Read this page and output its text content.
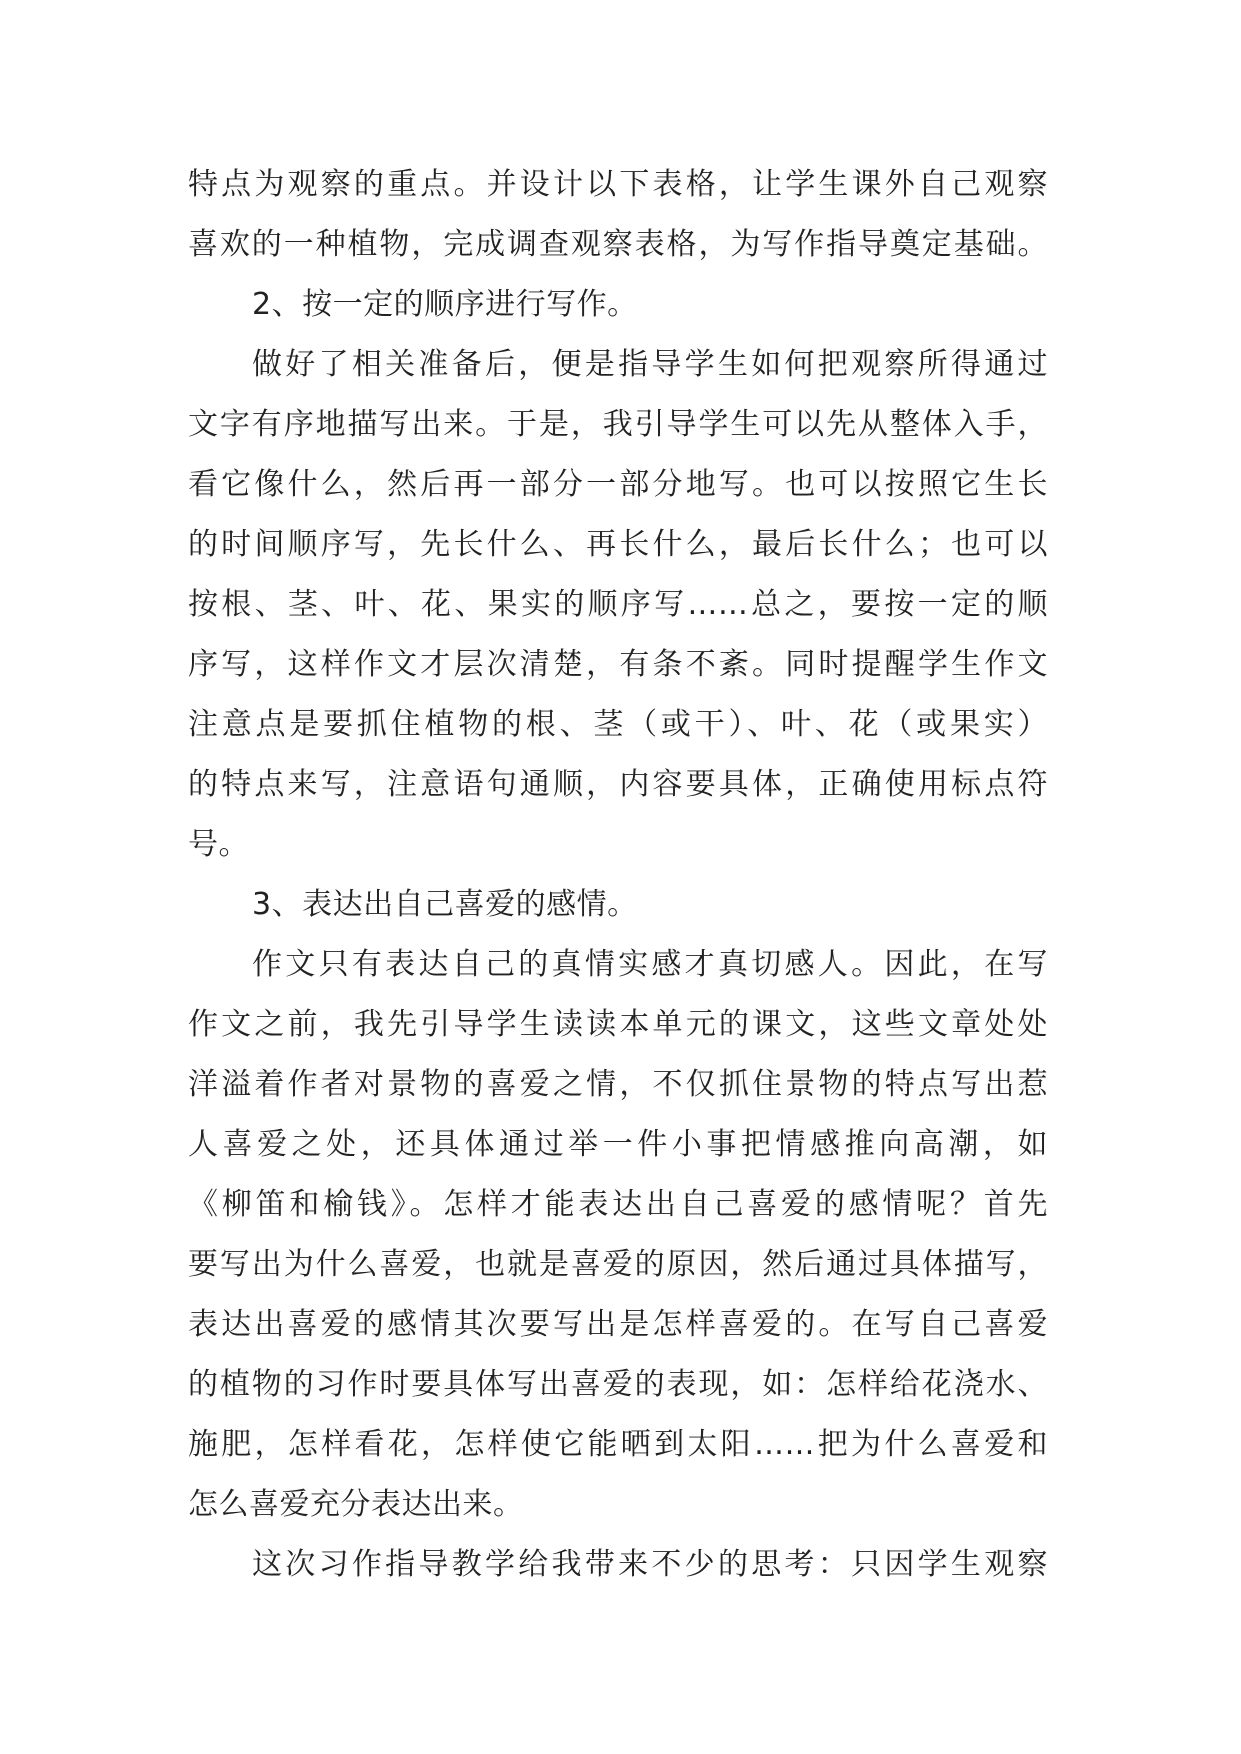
特点为观察的重点。并设计以下表格，让学生课外自己观察
喜欢的一种植物，完成调查观察表格，为写作指导奠定基础。
2、按一定的顺序进行写作。
做好了相关准备后，便是指导学生如何把观察所得通过
文字有序地描写出来。于是，我引导学生可以先从整体入手，
看它像什么，然后再一部分一部分地写。也可以按照它生长
的时间顺序写，先长什么、再长什么，最后长什么；也可以
按根、茎、叶、花、果实的顺序写……总之，要按一定的顺
序写，这样作文才层次清楚，有条不紊。同时提醒学生作文
注意点是要抓住植物的根、茎（或干）、叶、花（或果实）
的特点来写，注意语句通顺，内容要具体，正确使用标点符
号。
3、表达出自己喜爱的感情。
作文只有表达自己的真情实感才真切感人。因此，在写
作文之前，我先引导学生读读本单元的课文，这些文章处处
洋溢着作者对景物的喜爱之情，不仅抓住景物的特点写出惹
人喜爱之处，还具体通过举一件小事把情感推向高潮，如
《柳笛和榆钱》。怎样才能表达出自己喜爱的感情呢？首先
要写出为什么喜爱，也就是喜爱的原因，然后通过具体描写，
表达出喜爱的感情其次要写出是怎样喜爱的。在写自己喜爱
的植物的习作时要具体写出喜爱的表现，如：怎样给花浇水、
施肥，怎样看花，怎样使它能晒到太阳……把为什么喜爱和
怎么喜爱充分表达出来。
这次习作指导教学给我带来不少的思考：只因学生观察
